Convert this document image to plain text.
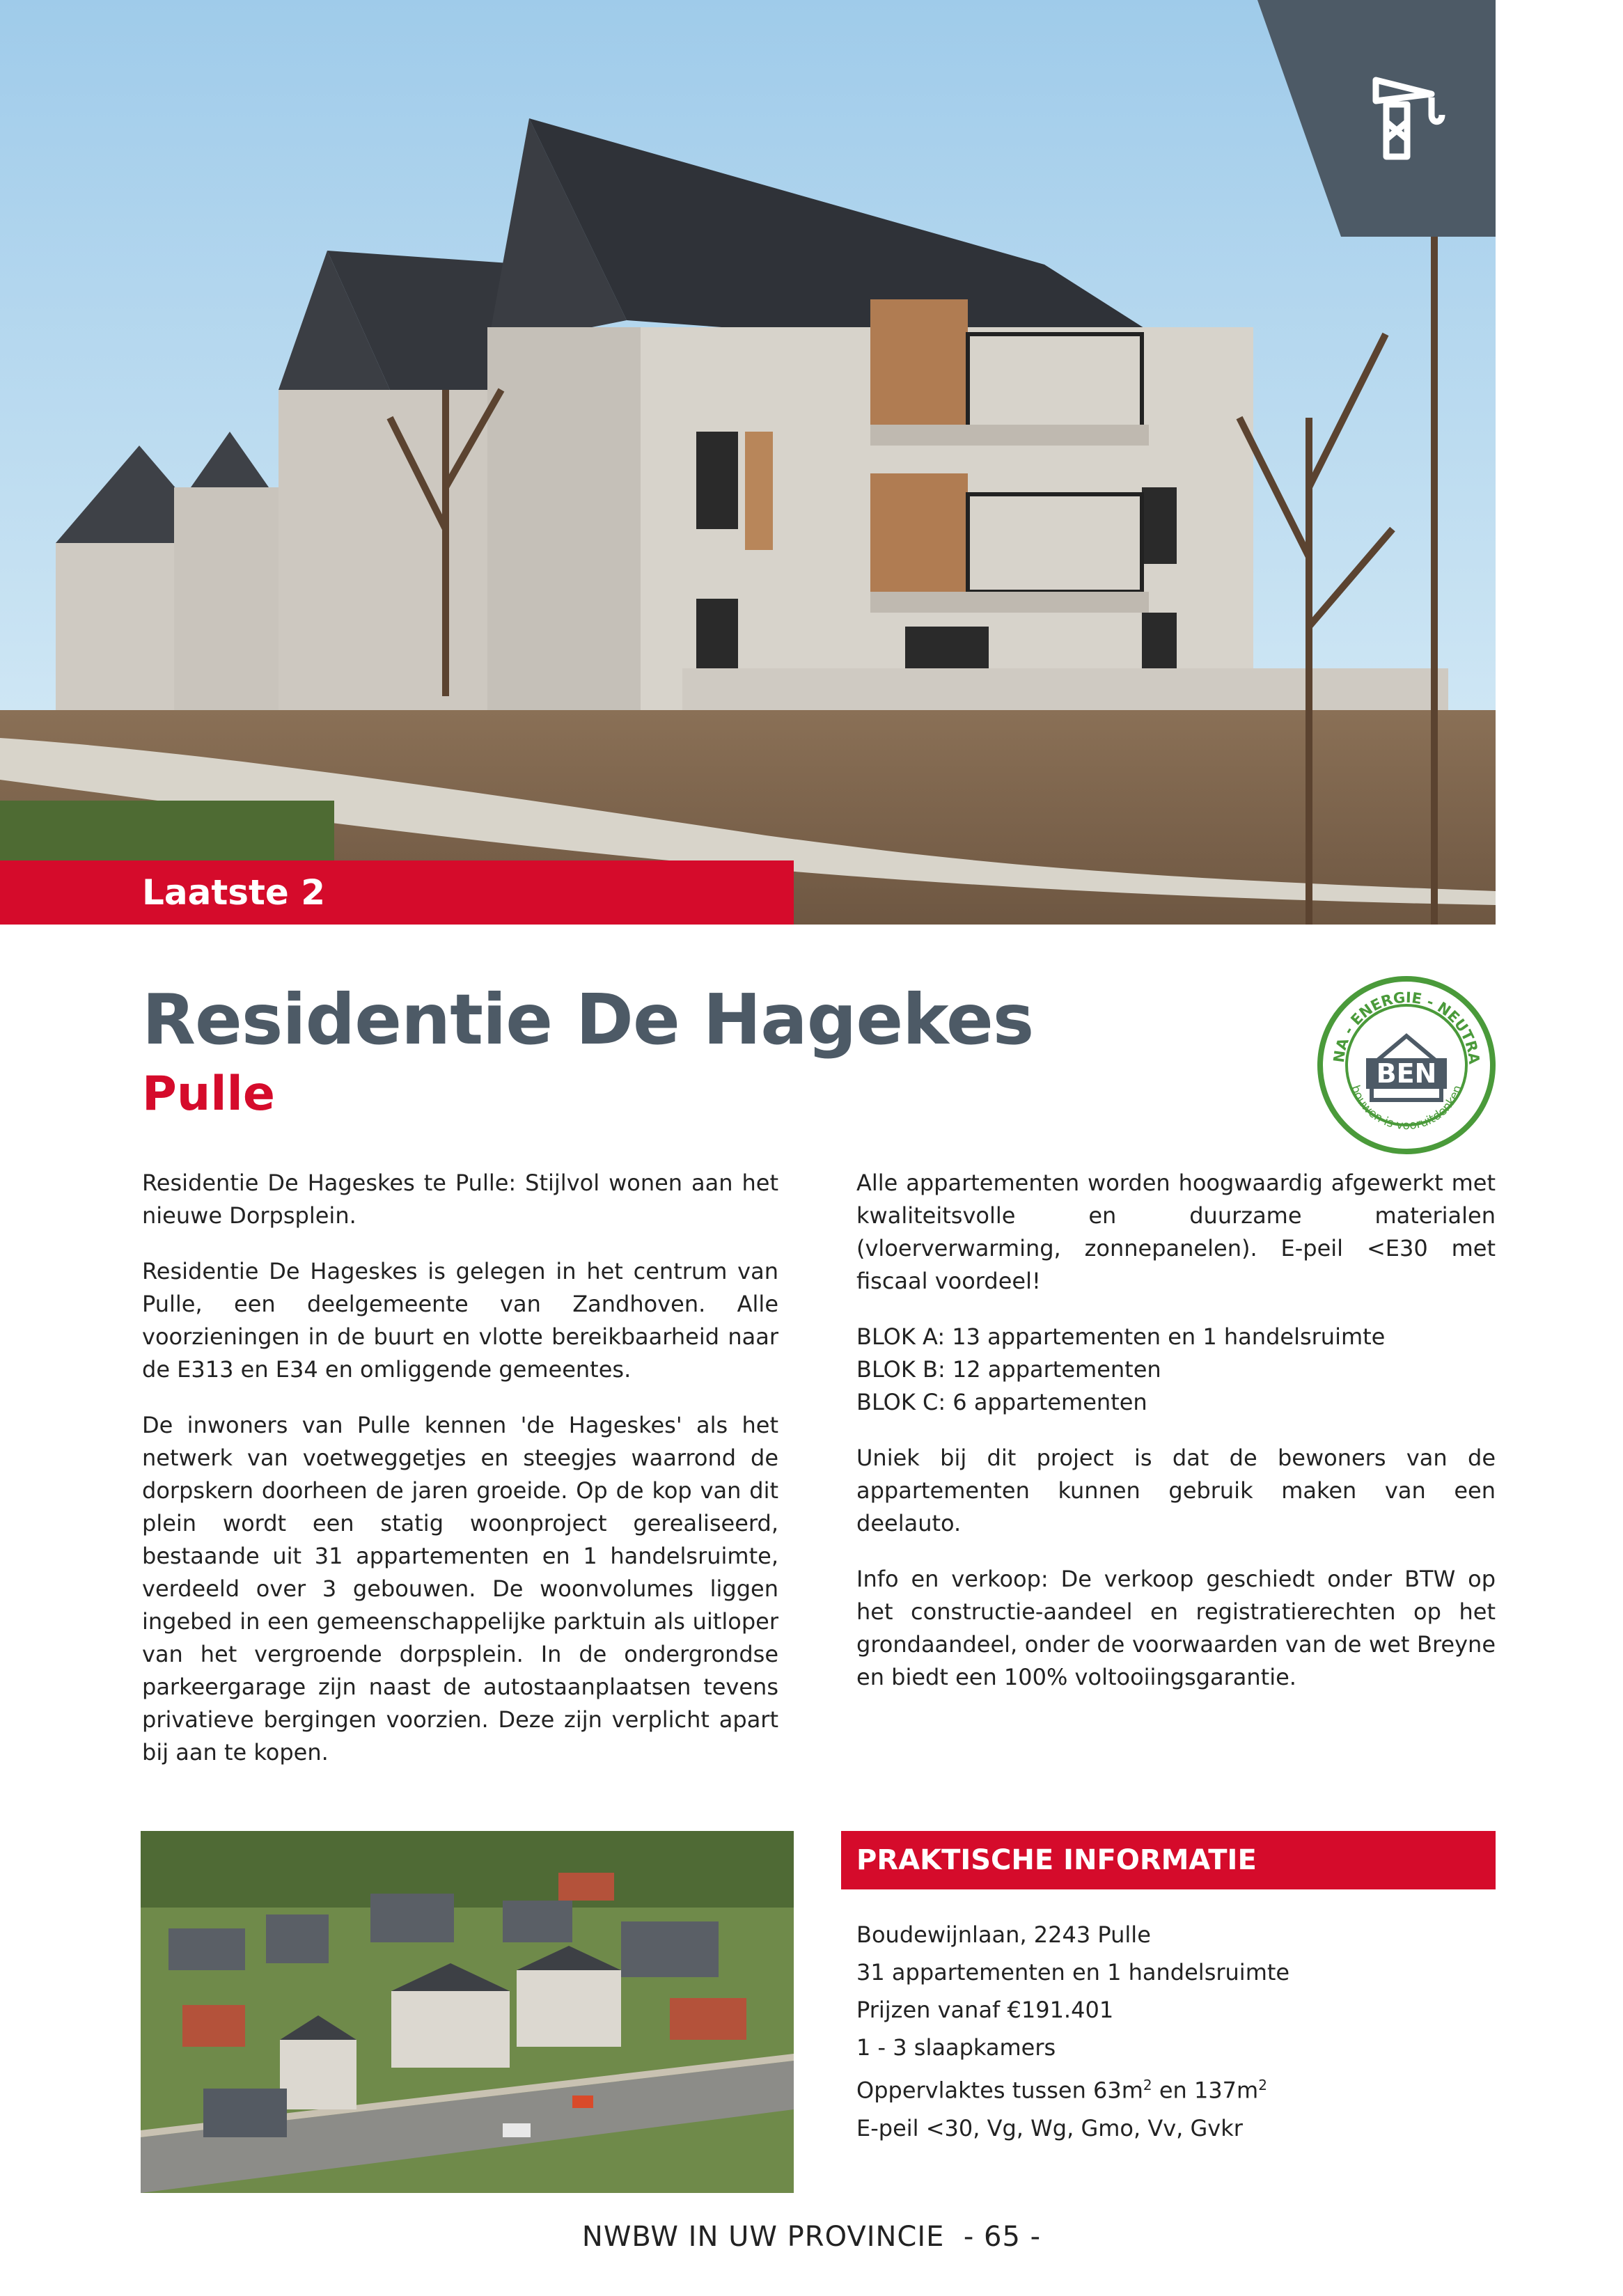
Laatste 2
Residentie De Hagekes
Pulle
NA - ENERGIE - NEUTRA
bouwen is vooruitdenken
BEN

Residentie De Hageskes te Pulle: Stijlvol wonen aan het nieuwe Dorpsplein.

Residentie De Hageskes is gelegen in het centrum van Pulle, een deelgemeente van Zandhoven. Alle voorzieningen in de buurt en vlotte bereikbaarheid naar de E313 en E34 en omliggende gemeentes.

De inwoners van Pulle kennen 'de Hageskes' als het netwerk van voetweggetjes en steegjes waarrond de dorpskern doorheen de jaren groeide. Op de kop van dit plein wordt een statig woonproject gerealiseerd, bestaande uit 31 appartementen en 1 handelsruimte, verdeeld over 3 gebouwen. De woonvolumes liggen ingebed in een gemeenschappelijke parktuin als uitloper van het vergroende dorpsplein. In de ondergrondse parkeergarage zijn naast de autostaanplaatsen tevens privatieve bergingen voorzien. Deze zijn verplicht apart bij aan te kopen.

Alle appartementen worden hoogwaardig afgewerkt met kwaliteitsvolle en duurzame materialen (vloerverwarming, zonnepanelen). E-peil <E30 met fiscaal voordeel!

BLOK A: 13 appartementen en 1 handelsruimte
BLOK B: 12 appartementen
BLOK C: 6 appartementen

Uniek bij dit project is dat de bewoners van de appartementen kunnen gebruik maken van een deelauto.

Info en verkoop: De verkoop geschiedt onder BTW op het constructie-aandeel en registratierechten op het grondaandeel, onder de voorwaarden van de wet Breyne en biedt een 100% voltooiingsgarantie.

PRAKTISCHE INFORMATIE
Boudewijnlaan, 2243 Pulle
31 appartementen en 1 handelsruimte
Prijzen vanaf €191.401
1 - 3 slaapkamers
Oppervlaktes tussen $63m^2$ en $137m^2$
E-peil <30, Vg, Wg, Gmo, Vv, Gvkr
NWBW IN UW PROVINCIE  - 65 -
